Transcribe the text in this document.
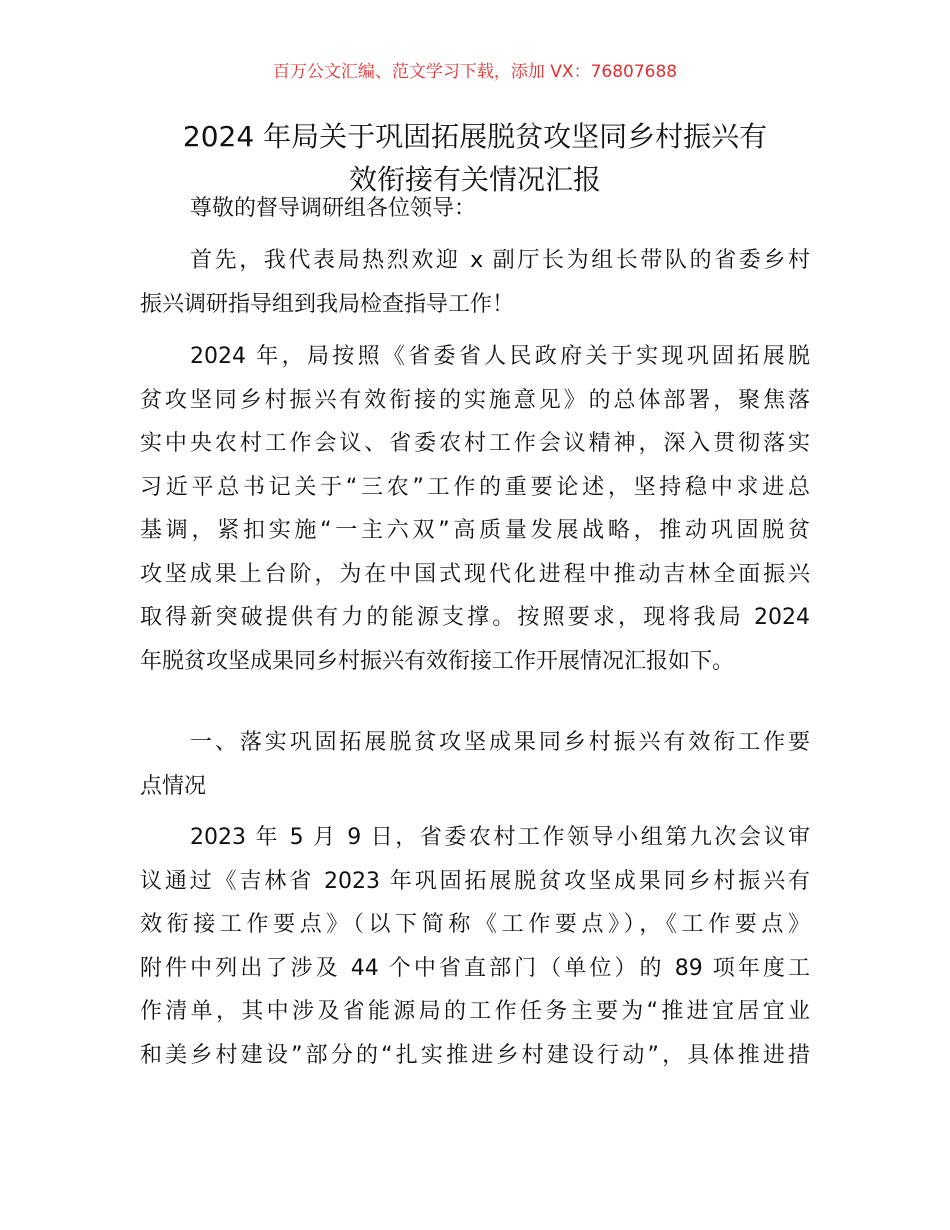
百万公文汇编、范文学习下载，添加 VX：76807688
2024 年局关于巩固拓展脱贫攻坚同乡村振兴有
效衔接有关情况汇报
尊敬的督导调研组各位领导：
首先，我代表局热烈欢迎 x 副厅长为组长带队的省委乡村
振兴调研指导组到我局检查指导工作！
2024 年，局按照《省委省人民政府关于实现巩固拓展脱
贫攻坚同乡村振兴有效衔接的实施意见》的总体部署，聚焦落
实中央农村工作会议、省委农村工作会议精神，深入贯彻落实
习近平总书记关于“三农”工作的重要论述，坚持稳中求进总
基调，紧扣实施“一主六双”高质量发展战略，推动巩固脱贫
攻坚成果上台阶，为在中国式现代化进程中推动吉林全面振兴
取得新突破提供有力的能源支撑。按照要求，现将我局 2024
年脱贫攻坚成果同乡村振兴有效衔接工作开展情况汇报如下。
一、落实巩固拓展脱贫攻坚成果同乡村振兴有效衔工作要
点情况
2023 年 5 月 9 日，省委农村工作领导小组第九次会议审
议通过《吉林省 2023 年巩固拓展脱贫攻坚成果同乡村振兴有
效衔接工作要点》（以下简称《工作要点》），《工作要点》
附件中列出了涉及 44 个中省直部门（单位）的 89 项年度工
作清单，其中涉及省能源局的工作任务主要为“推进宜居宜业
和美乡村建设”部分的“扎实推进乡村建设行动”，具体推进措
